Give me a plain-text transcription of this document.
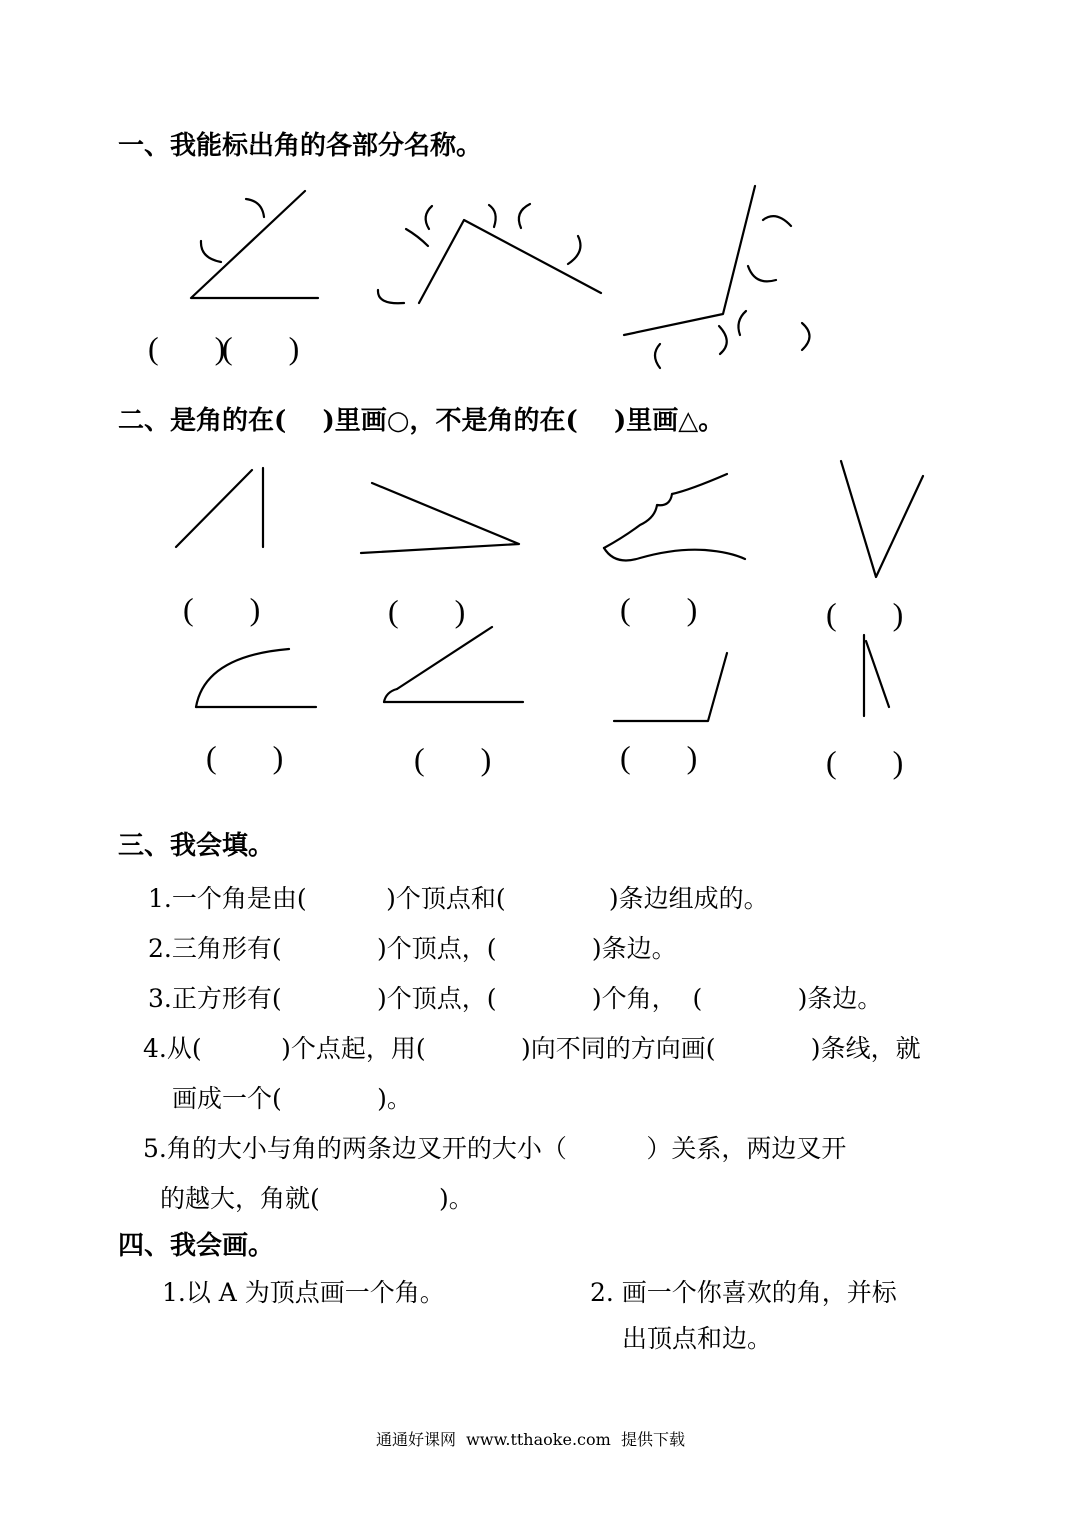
一、我能标出角的各部分名称。
二、是角的在(    )里画○，不是角的在(    )里画△。
三、我会填。
1.一个角是由(          )个顶点和(             )条边组成的。
2.三角形有(            )个顶点，(            )条边。
3.正方形有(            )个顶点，(            )个角，  (            )条边。
4.从(          )个点起，用(            )向不同的方向画(            )条线，就
画成一个(            )。
5.角的大小与角的两条边叉开的大小（          ）关系，两边叉开
的越大，角就(               )。
四、我会画。
1.以 A 为顶点画一个角。	2. 画一个你喜欢的角，并标
出顶点和边。
(       )
(       )
(       )	(       )	(       )	(       )
(       )	(       )	(       )	(       )
通通好课网  www.tthaoke.com  提供下载
